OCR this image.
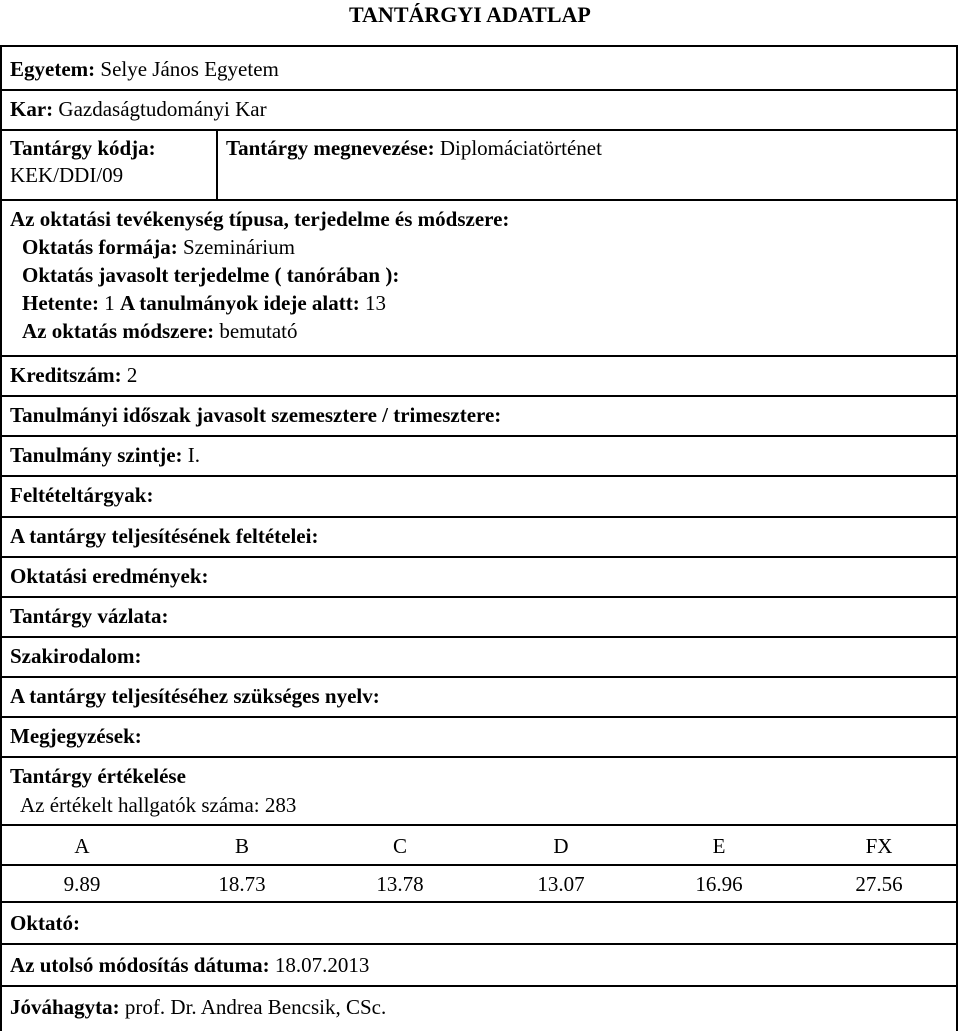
TANTÁRGYI ADATLAP
Egyetem: Selye János Egyetem
Kar: Gazdaságtudományi Kar
Tantárgy kódja:
KEK/DDI/09
Tantárgy megnevezése: Diplomáciatörténet
Az oktatási tevékenység típusa, terjedelme és módszere:
Oktatás formája: Szeminárium
Oktatás javasolt terjedelme ( tanórában ):
Hetente: 1 A tanulmányok ideje alatt: 13
Az oktatás módszere: bemutató
Kreditszám: 2
Tanulmányi időszak javasolt szemesztere / trimesztere:
Tanulmány szintje: I.
Feltételtárgyak:
A tantárgy teljesítésének feltételei:
Oktatási eredmények:
Tantárgy vázlata:
Szakirodalom:
A tantárgy teljesítéséhez szükséges nyelv:
Megjegyzések:
Tantárgy értékelése
Az értékelt hallgatók száma: 283
A	B	C	D	E	FX
9.89	18.73	13.78	13.07	16.96	27.56
Oktató:
Az utolsó módosítás dátuma: 18.07.2013
Jóváhagyta: prof. Dr. Andrea Bencsik, CSc.
